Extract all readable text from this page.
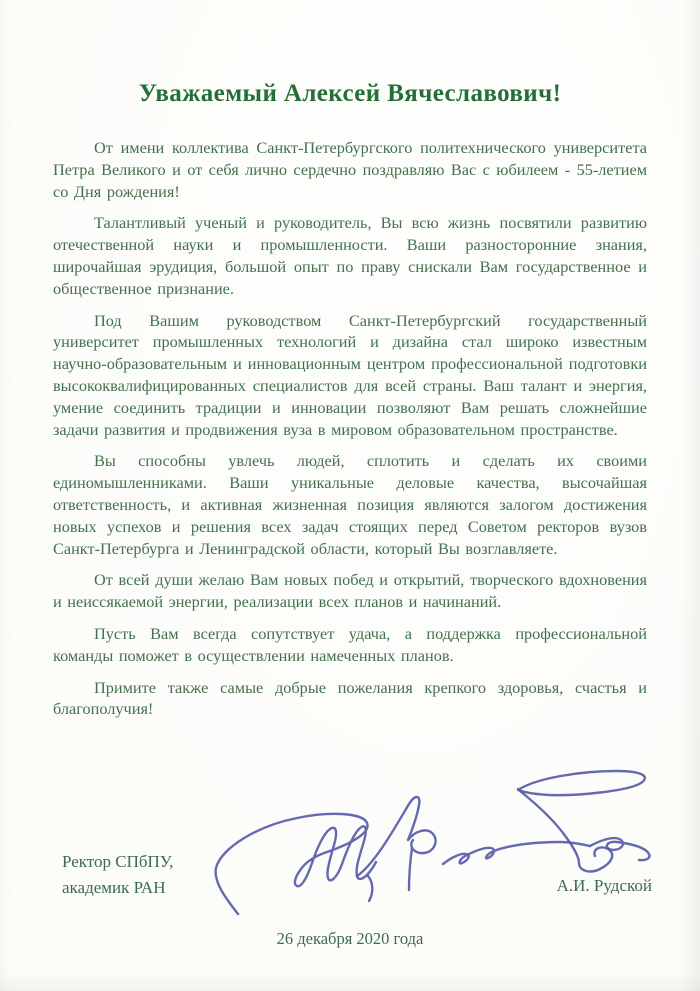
Уважаемый Алексей Вячеславович!

От имени коллектива Санкт-Петербургского политехнического университета Петра Великого и от себя лично сердечно поздравляю Вас с юбилеем - 55-летием со Дня рождения!

Талантливый ученый и руководитель, Вы всю жизнь посвятили развитию отечественной науки и промышленности. Ваши разносторонние знания, широчайшая эрудиция, большой опыт по праву снискали Вам государственное и общественное признание.

Под Вашим руководством Санкт-Петербургский государственный университет промышленных технологий и дизайна стал широко известным научно-образовательным и инновационным центром профессиональной подготовки высококвалифицированных специалистов для всей страны. Ваш талант и энергия, умение соединить традиции и инновации позволяют Вам решать сложнейшие задачи развития и продвижения вуза в мировом образовательном пространстве.

Вы способны увлечь людей, сплотить и сделать их своими единомышленниками. Ваши уникальные деловые качества, высочайшая ответственность, и активная жизненная позиция являются залогом достижения новых успехов и решения всех задач стоящих перед Советом ректоров вузов Санкт-Петербурга и Ленинградской области, который Вы возглавляете.

От всей души желаю Вам новых побед и открытий, творческого вдохновения и неиссякаемой энергии, реализации всех планов и начинаний.

Пусть Вам всегда сопутствует удача, а поддержка профессиональной команды поможет в осуществлении намеченных планов.

Примите также самые добрые пожелания крепкого здоровья, счастья и благополучия!

Ректор СПбПУ,
академик РАН	А.И. Рудской
26 декабря 2020 года
